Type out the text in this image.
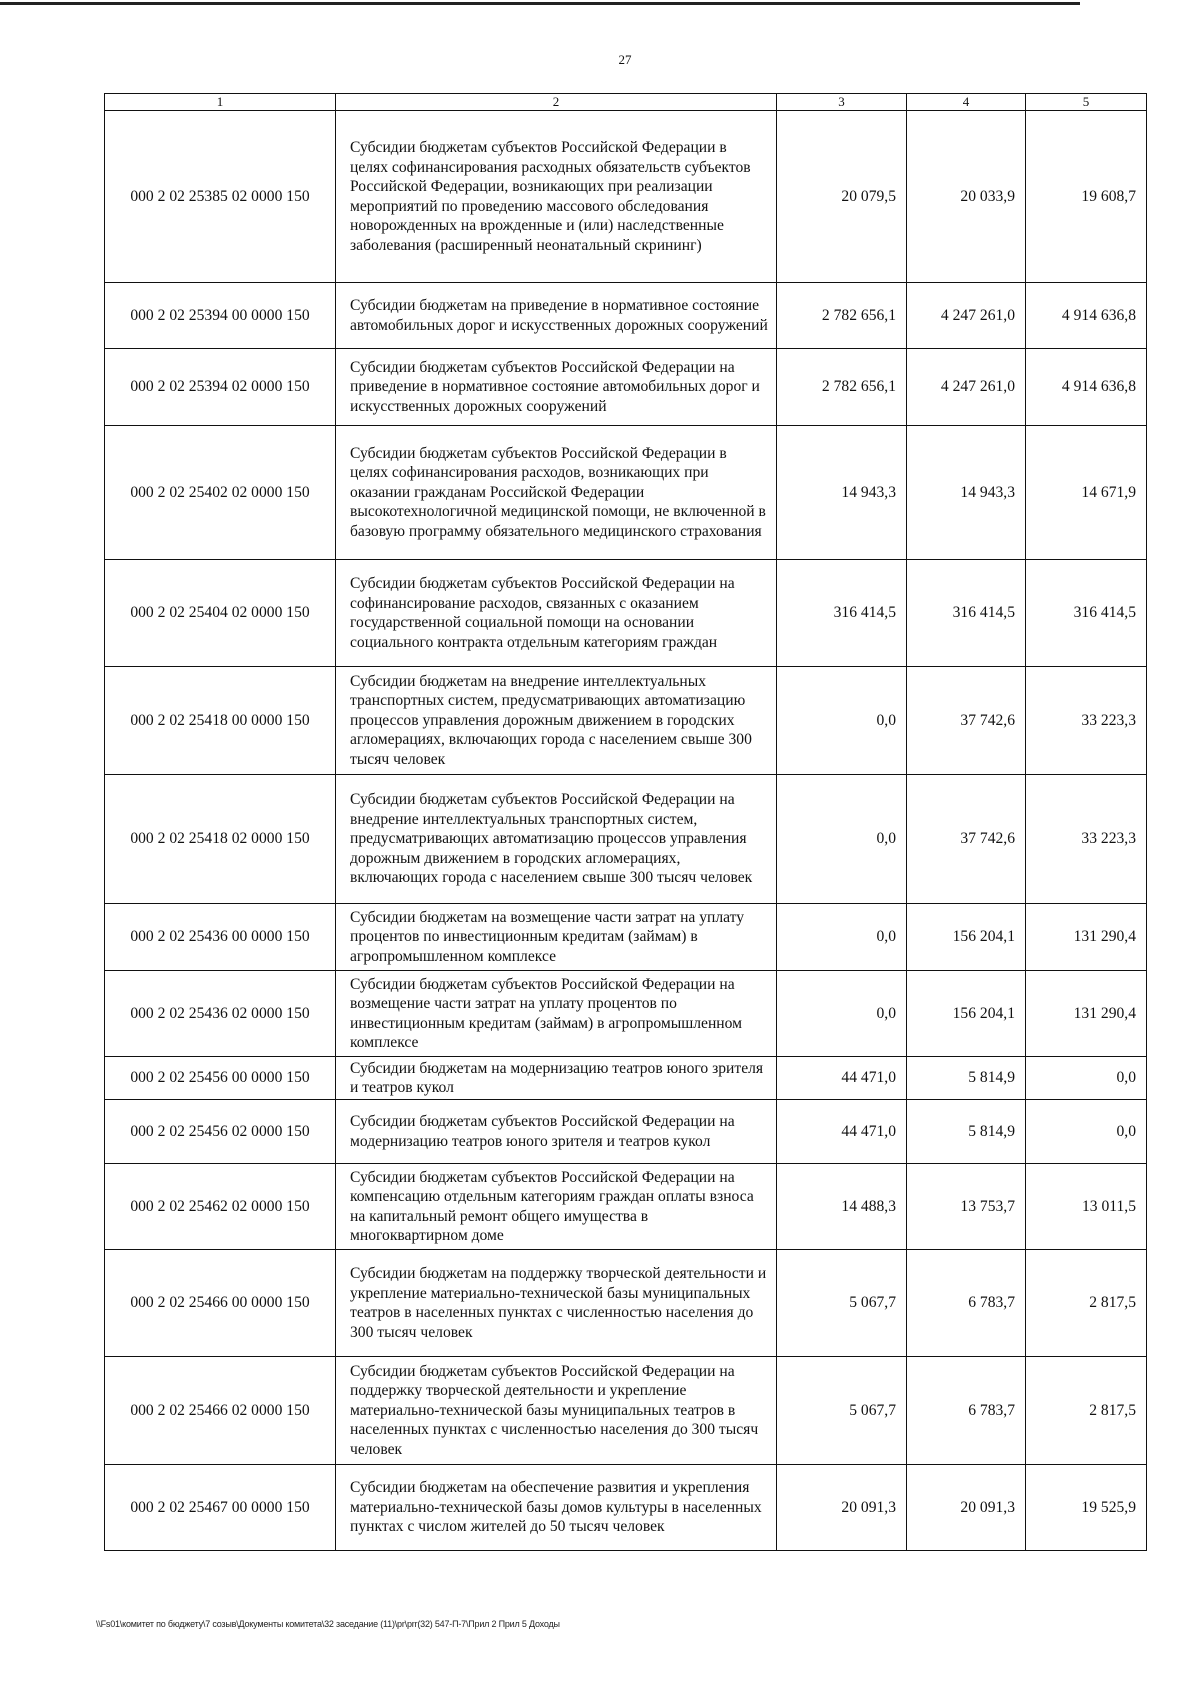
27
1	2	3	4	5
000 2 02 25385 02 0000 150	Субсидии бюджетам субъектов Российской Федерации в целях софинансирования расходных обязательств субъектов Российской Федерации, возникающих при реализации мероприятий по проведению массового обследования новорожденных на врожденные и (или) наследственные заболевания (расширенный неонатальный скрининг)	20 079,5	20 033,9	19 608,7
000 2 02 25394 00 0000 150	Субсидии бюджетам на приведение в нормативное состояние автомобильных дорог и искусственных дорожных сооружений	2 782 656,1	4 247 261,0	4 914 636,8
000 2 02 25394 02 0000 150	Субсидии бюджетам субъектов Российской Федерации на приведение в нормативное состояние автомобильных дорог и искусственных дорожных сооружений	2 782 656,1	4 247 261,0	4 914 636,8
000 2 02 25402 02 0000 150	Субсидии бюджетам субъектов Российской Федерации в целях софинансирования расходов, возникающих при оказании гражданам Российской Федерации высокотехнологичной медицинской помощи, не включенной в базовую программу обязательного медицинского страхования	14 943,3	14 943,3	14 671,9
000 2 02 25404 02 0000 150	Субсидии бюджетам субъектов Российской Федерации на софинансирование расходов, связанных с оказанием государственной социальной помощи на основании социального контракта отдельным категориям граждан	316 414,5	316 414,5	316 414,5
000 2 02 25418 00 0000 150	Субсидии бюджетам на внедрение интеллектуальных транспортных систем, предусматривающих автоматизацию процессов управления дорожным движением в городских агломерациях, включающих города с населением свыше 300 тысяч человек	0,0	37 742,6	33 223,3
000 2 02 25418 02 0000 150	Субсидии бюджетам субъектов Российской Федерации на внедрение интеллектуальных транспортных систем, предусматривающих автоматизацию процессов управления дорожным движением в городских агломерациях, включающих города с населением свыше 300 тысяч человек	0,0	37 742,6	33 223,3
000 2 02 25436 00 0000 150	Субсидии бюджетам на возмещение части затрат на уплату процентов по инвестиционным кредитам (займам) в агропромышленном комплексе	0,0	156 204,1	131 290,4
000 2 02 25436 02 0000 150	Субсидии бюджетам субъектов Российской Федерации на возмещение части затрат на уплату процентов по инвестиционным кредитам (займам) в агропромышленном комплексе	0,0	156 204,1	131 290,4
000 2 02 25456 00 0000 150	Субсидии бюджетам на модернизацию театров юного зрителя и театров кукол	44 471,0	5 814,9	0,0
000 2 02 25456 02 0000 150	Субсидии бюджетам субъектов Российской Федерации на модернизацию театров юного зрителя и театров кукол	44 471,0	5 814,9	0,0
000 2 02 25462 02 0000 150	Субсидии бюджетам субъектов Российской Федерации на компенсацию отдельным категориям граждан оплаты взноса на капитальный ремонт общего имущества в многоквартирном доме	14 488,3	13 753,7	13 011,5
000 2 02 25466 00 0000 150	Субсидии бюджетам на поддержку творческой деятельности и укрепление материально-технической базы муниципальных театров в населенных пунктах с численностью населения до 300 тысяч человек	5 067,7	6 783,7	2 817,5
000 2 02 25466 02 0000 150	Субсидии бюджетам субъектов Российской Федерации на поддержку творческой деятельности и укрепление материально-технической базы муниципальных театров в населенных пунктах с численностью населения до 300 тысяч человек	5 067,7	6 783,7	2 817,5
000 2 02 25467 00 0000 150	Субсидии бюджетам на обеспечение развития и укрепления материально-технической базы домов культуры в населенных пунктах с числом жителей до 50 тысяч человек	20 091,3	20 091,3	19 525,9
\\Fs01\комитет по бюджету\7 созыв\Документы комитета\32 заседание (11)\pr\prr(32) 547-П-7\Прил 2 Прил 5 Доходы
